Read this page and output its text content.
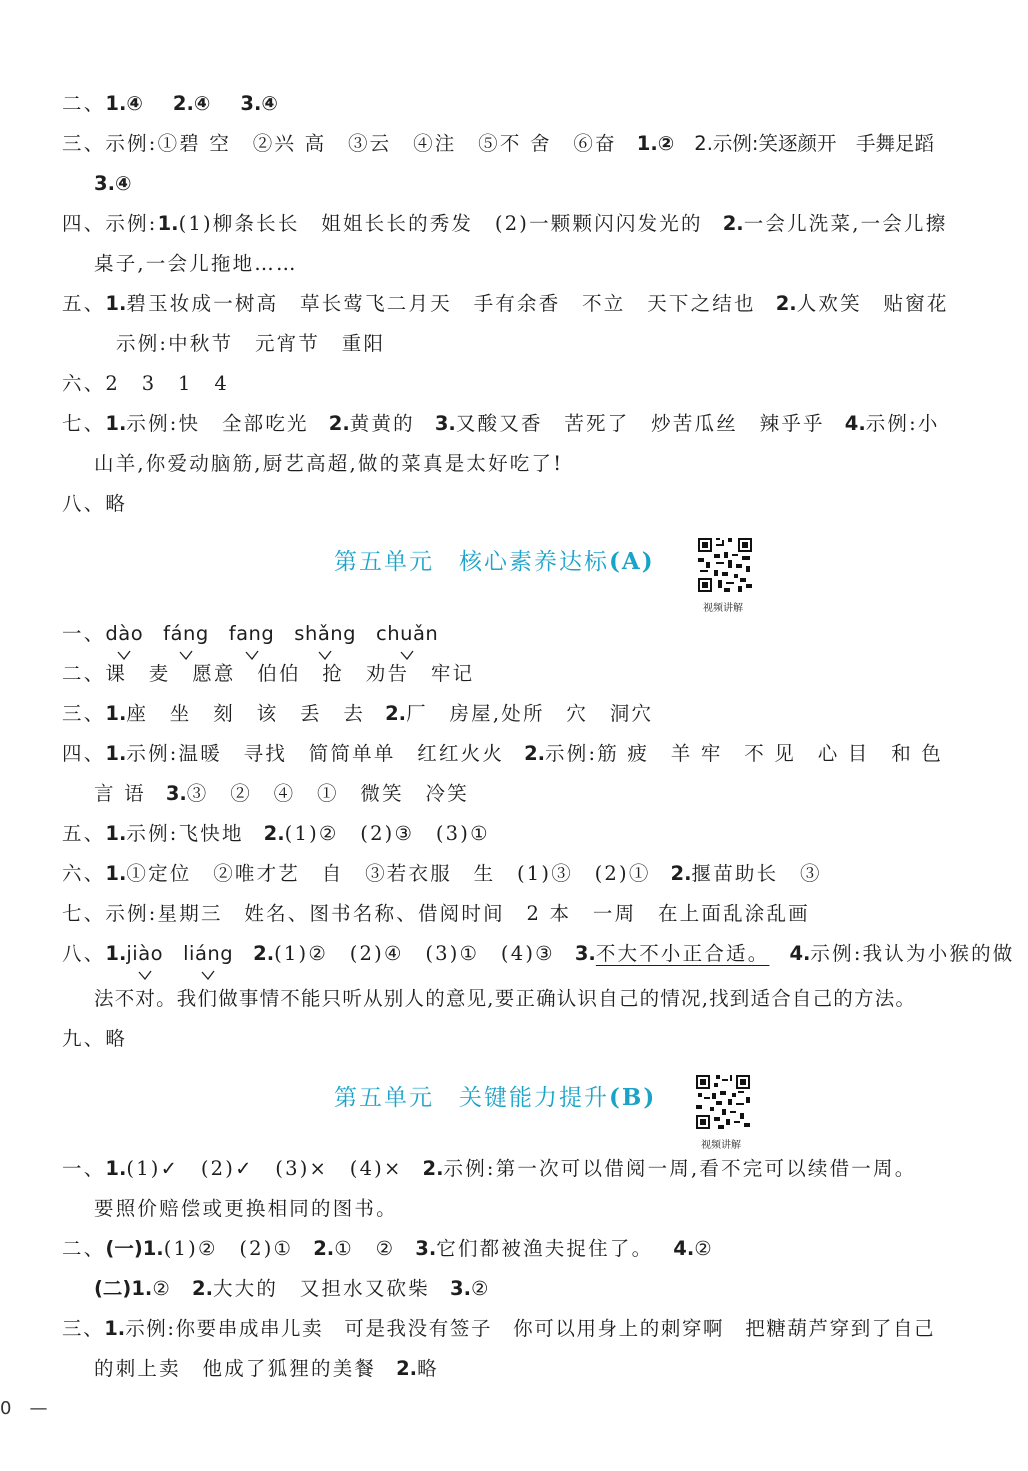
二、1.④ 2.④ 3.④
三、示例:①碧 空　②兴 高　③云　④注　⑤不 舍　⑥奋 1.② 2.示例:笑逐颜开　手舞足蹈
3.④
四、示例:1.(1)柳条长长　姐姐长长的秀发　(2)一颗颗闪闪发光的 2.一会儿洗菜,一会儿擦
桌子,一会儿拖地……
五、1.碧玉妆成一树高　草长莺飞二月天　手有余香　不立　天下之结也 2.人欢笑　贴窗花
示例:中秋节　元宵节　重阳
六、2　3　1　4
七、1.示例:快　全部吃光 2.黄黄的 3.又酸又香　苦死了　炒苦瓜丝　辣乎乎 4.示例:小
山羊,你爱动脑筋,厨艺高超,做的菜真是太好吃了!
八、略
第五单元　核心素养达标(A)
视频讲解
一、dào fáng fang shǎng chuǎn
二、课　麦　愿意　伯伯　抢　劝告　牢记
三、1.座　坐　刻　该　丢　去 2.厂　房屋,处所　穴　洞穴
四、1.示例:温暖　寻找　简简单单　红红火火 2.示例:筋 疲　羊 牢　不 见　心 目　和 色
言 语 3.③　②　④　①　微笑　冷笑
五、1.示例:飞快地 2.(1)②　(2)③　(3)①
六、1.①定位　②唯才艺　自　③若衣服　生　(1)③　(2)① 2.揠苗助长　③
七、示例:星期三　姓名、图书名称、借阅时间　2 本　一周　在上面乱涂乱画
八、1.jiào liáng 2.(1)②　(2)④　(3)①　(4)③ 3.不大不小正合适。 4.示例:我认为小猴的做
法不对。我们做事情不能只听从别人的意见,要正确认识自己的情况,找到适合自己的方法。
九、略
第五单元　关键能力提升(B)
视频讲解
一、1.(1)✓　(2)✓　(3)×　(4)× 2.示例:第一次可以借阅一周,看不完可以续借一周。
要照价赔偿或更换相同的图书。
二、(一)1.(1)②　(2)① 2.①　② 3.它们都被渔夫捉住了。 4.②
(二)1.② 2.大大的　又担水又砍柴 3.②
三、1.示例:你要串成串儿卖　可是我没有签子　你可以用身上的刺穿啊　把糖葫芦穿到了自己
的刺上卖　他成了狐狸的美餐 2.略
0　—
